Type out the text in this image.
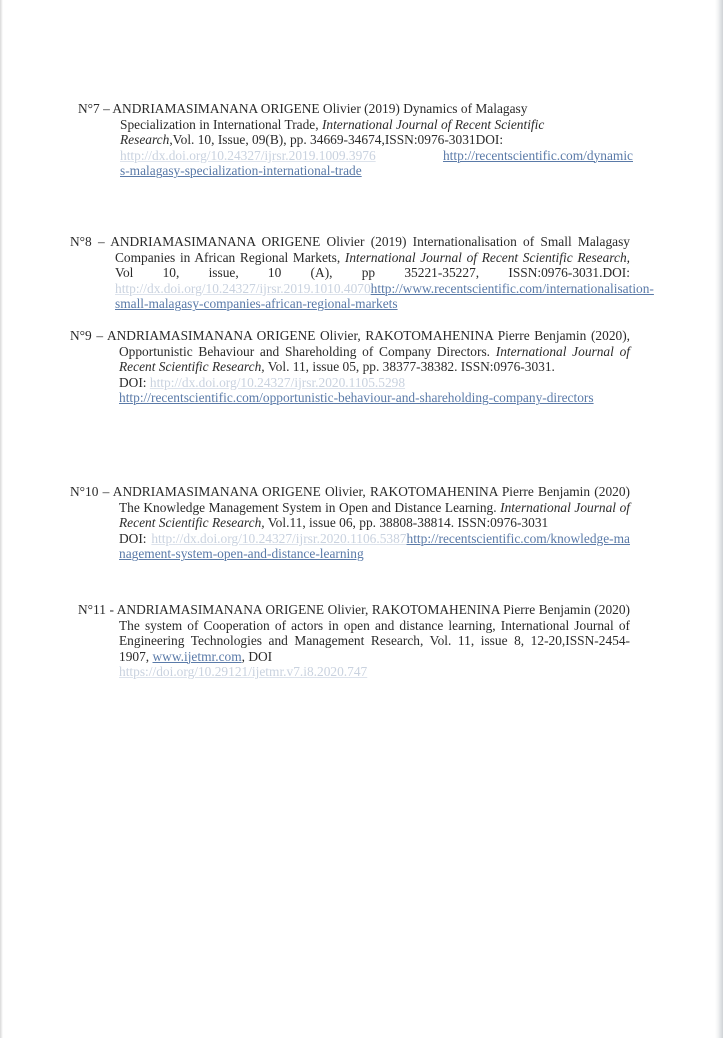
N°7 – ANDRIAMASIMANANA ORIGENE Olivier (2019) Dynamics of Malagasy

Specialization in International Trade, International Journal of Recent Scientific
Research,Vol. 10, Issue, 09(B), pp. 34669-34674,ISSN:0976-3031DOI:
http://dx.doi.org/10.24327/ijrsr.2019.1009.3976	http://recentscientific.com/dynamic

s-malagasy-specialization-international-trade

N°8 – ANDRIAMASIMANANA ORIGENE Olivier (2019) Internationalisation of Small Malagasy Companies in African Regional Markets, International Journal of Recent Scientific Research, Vol 10, issue, 10 (A), pp 35221-35227, ISSN:0976-3031.DOI: http://dx.doi.org/10.24327/ijrsr.2019.1010.4070http://www.recentscientific.com/internationalisation-small-malagasy-companies-african-regional-markets

N°9 – ANDRIAMASIMANANA ORIGENE Olivier, RAKOTOMAHENINA Pierre Benjamin (2020), Opportunistic Behaviour and Shareholding of Company Directors. International Journal of Recent Scientific Research, Vol. 11, issue 05, pp. 38377-38382. ISSN:0976-3031.
DOI: http://dx.doi.org/10.24327/ijrsr.2020.1105.5298
http://recentscientific.com/opportunistic-behaviour-and-shareholding-company-directors

N°10 – ANDRIAMASIMANANA ORIGENE Olivier, RAKOTOMAHENINA Pierre Benjamin (2020) The Knowledge Management System in Open and Distance Learning. International Journal of Recent Scientific Research, Vol.11, issue 06, pp. 38808-38814. ISSN:0976-3031
DOI: http://dx.doi.org/10.24327/ijrsr.2020.1106.5387http://recentscientific.com/knowledge-management-system-open-and-distance-learning

N°11 - ANDRIAMASIMANANA ORIGENE Olivier, RAKOTOMAHENINA Pierre Benjamin (2020) The system of Cooperation of actors in open and distance learning, International Journal of Engineering Technologies and Management Research, Vol. 11, issue 8, 12-20,ISSN-2454-1907, www.ijetmr.com, DOI
https://doi.org/10.29121/ijetmr.v7.i8.2020.747
